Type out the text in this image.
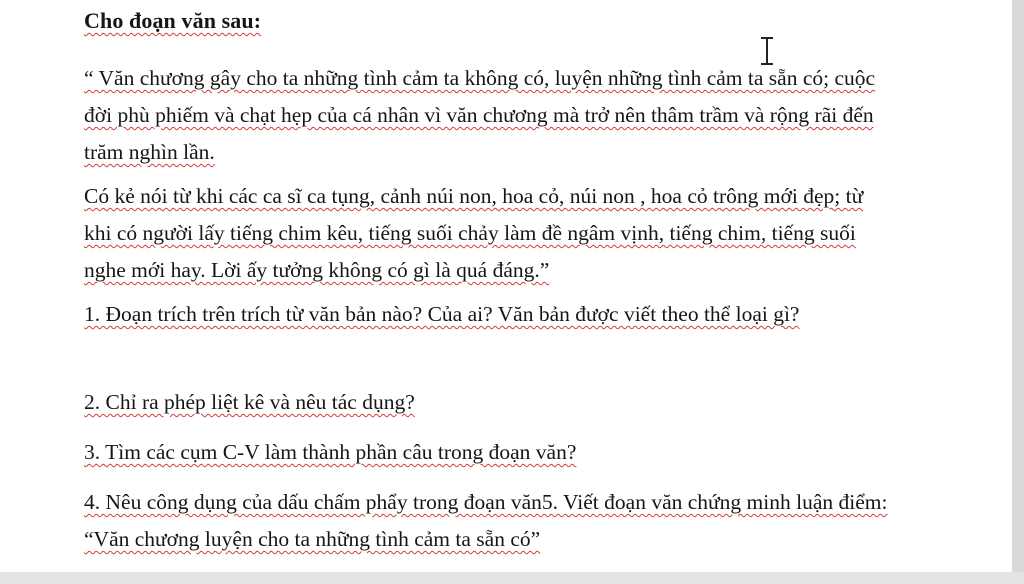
Cho đoạn văn sau:
“ Văn chương gây cho ta những tình cảm ta không có, luyện những tình cảm ta sẵn có; cuộc đời phù phiếm và chạt hẹp của cá nhân vì văn chương mà trở nên thâm trầm và rộng rãi đến trăm nghìn lần.
Có kẻ nói từ khi các ca sĩ ca tụng, cảnh núi non, hoa cỏ, núi non , hoa cỏ trông mới đẹp; từ khi có người lấy tiếng chim kêu, tiếng suối chảy làm đề ngâm vịnh, tiếng chim, tiếng suối nghe mới hay. Lời ấy tưởng không có gì là quá đáng.”
1. Đoạn trích trên trích từ văn bản nào? Của ai? Văn bản được viết theo thể loại gì?
2. Chỉ ra phép liệt kê và nêu tác dụng?
3. Tìm các cụm C-V làm thành phần câu trong đoạn văn?
4. Nêu công dụng của dấu chấm phẩy trong đoạn văn5. Viết đoạn văn chứng minh luận điểm: “Văn chương luyện cho ta những tình cảm ta sẵn có”
